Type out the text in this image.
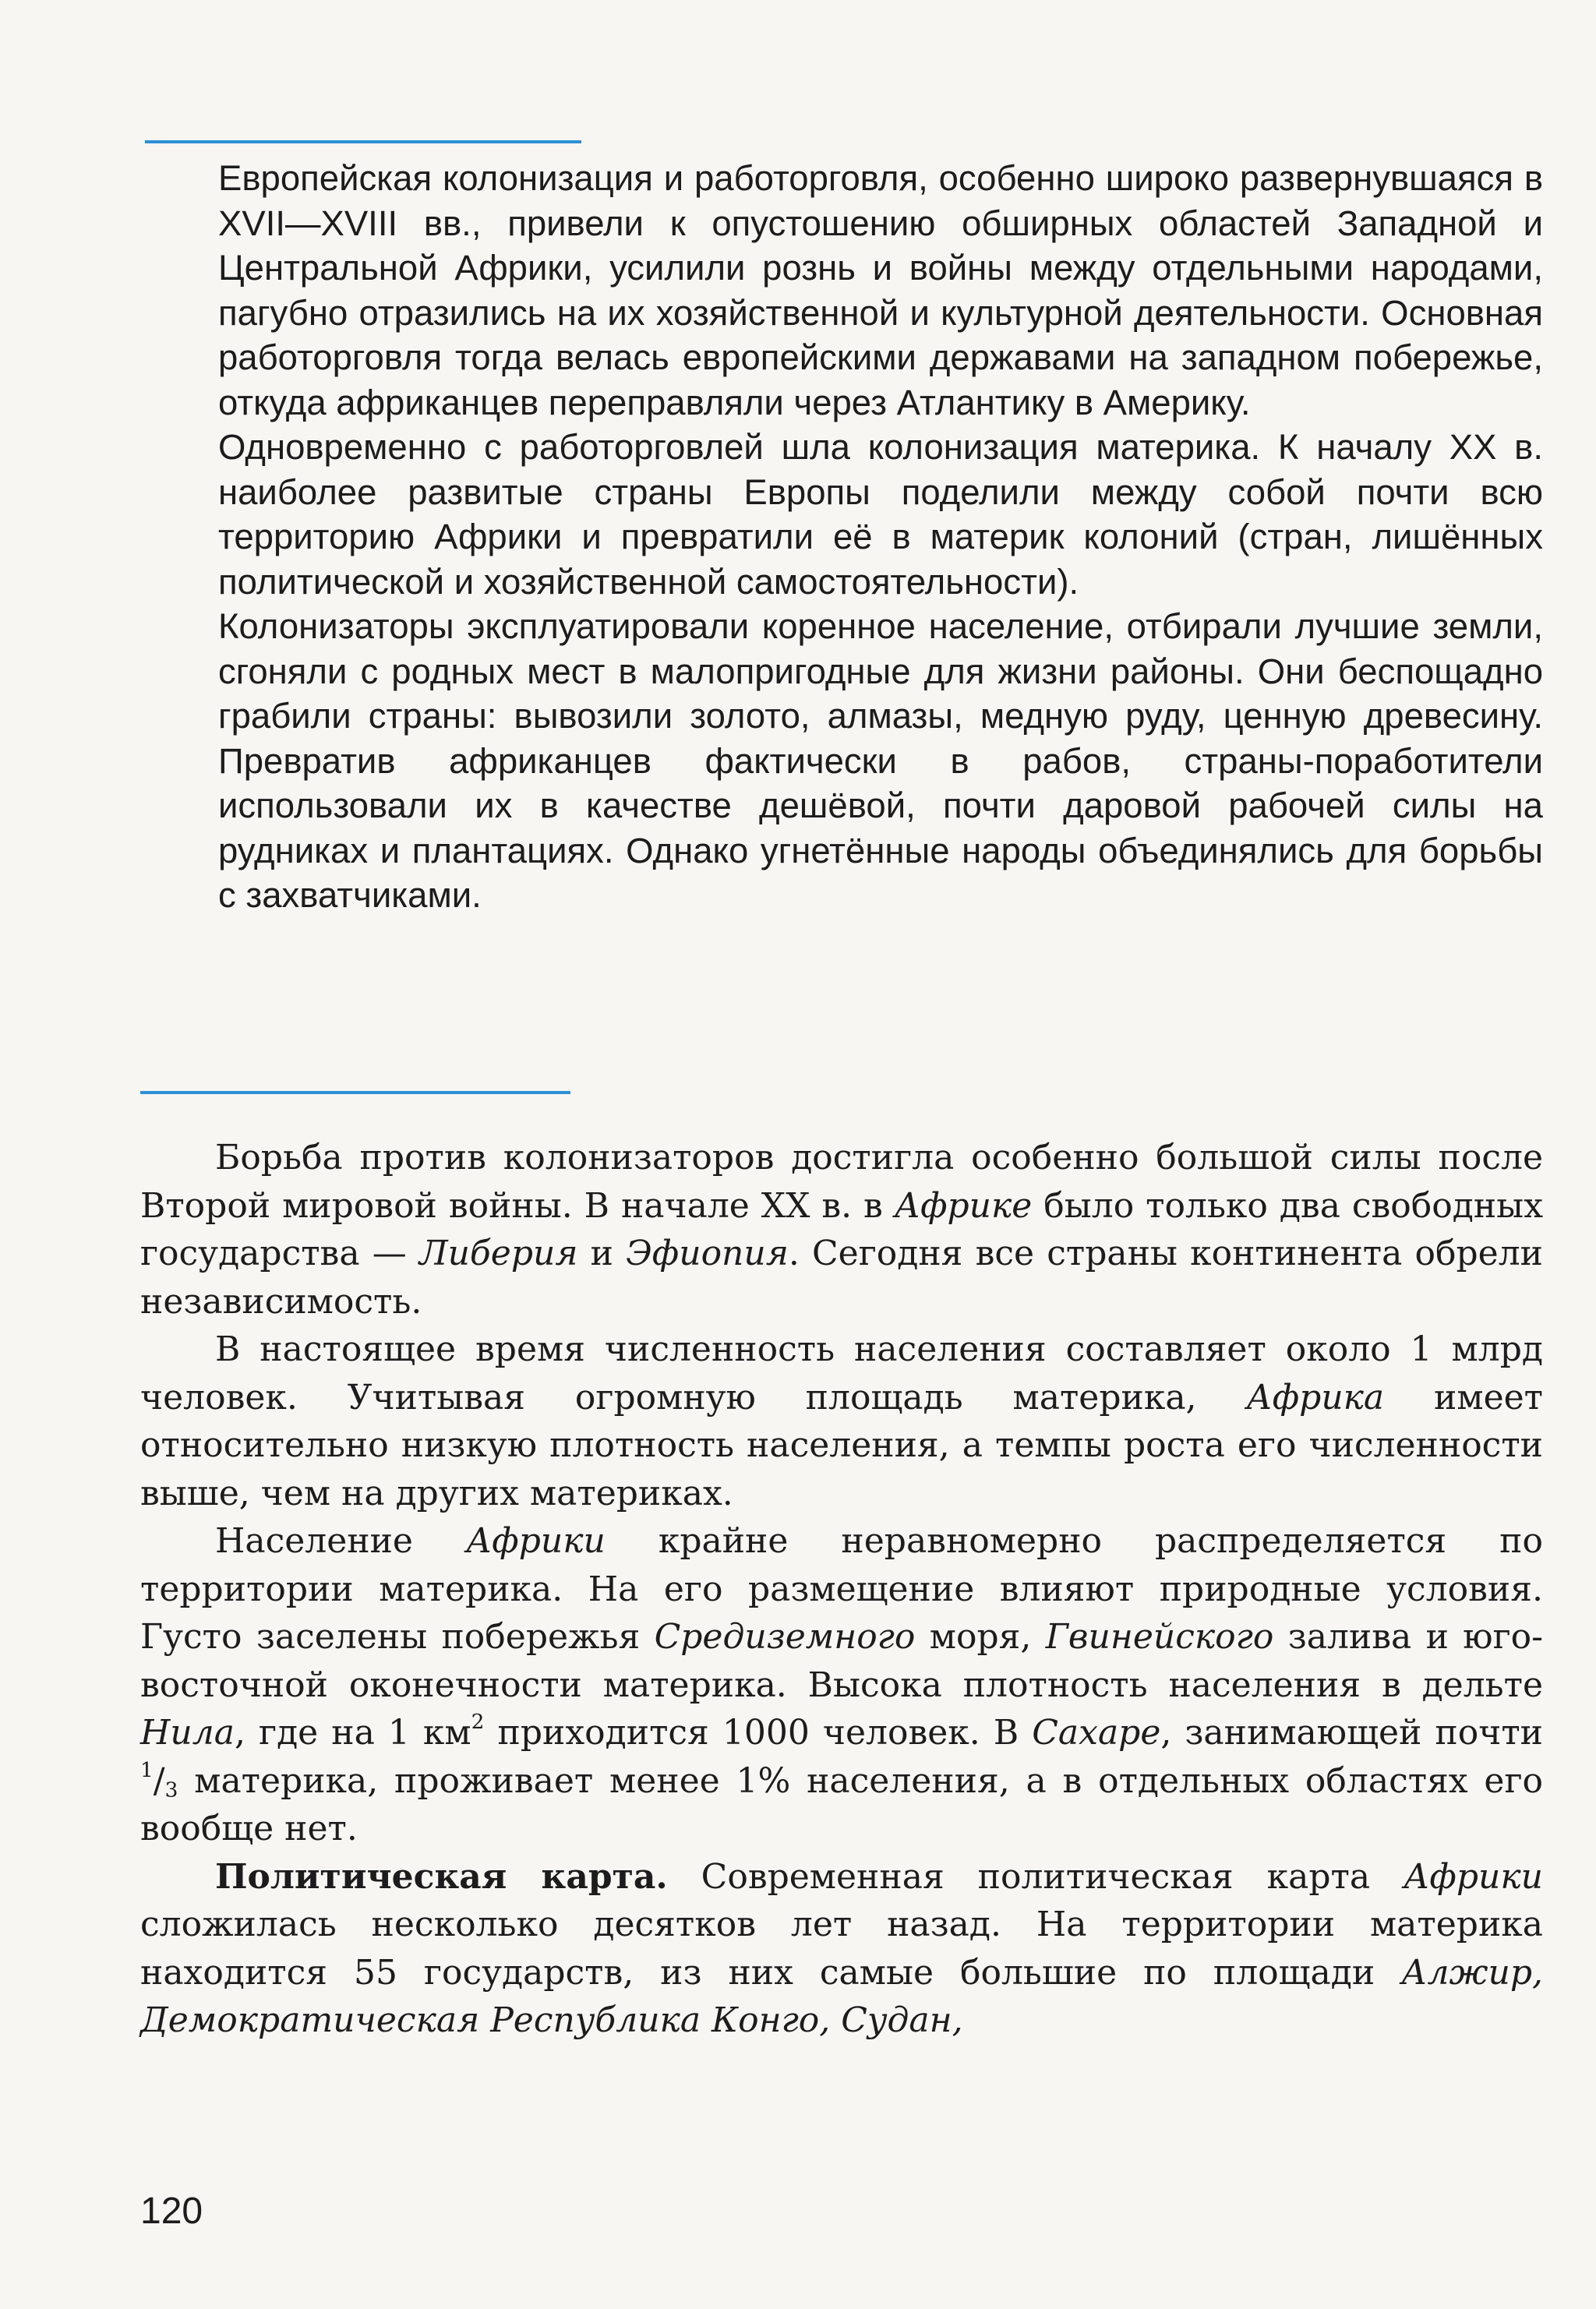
Европейская колонизация и работорговля, особенно широко развернувшаяся в XVII—XVIII вв., привели к опустошению обширных областей Западной и Центральной Африки, усилили рознь и войны между отдельными народами, пагубно отразились на их хозяйственной и культурной деятельности. Основная работорговля тогда велась европейскими державами на западном побережье, откуда африканцев переправляли через Атлантику в Америку.

Одновременно с работорговлей шла колонизация материка. К началу XX в. наиболее развитые страны Европы поделили между собой почти всю территорию Африки и превратили её в материк колоний (стран, лишённых политической и хозяйственной самостоятельности).

Колонизаторы эксплуатировали коренное население, отбирали лучшие земли, сгоняли с родных мест в малопригодные для жизни районы. Они беспощадно грабили страны: вывозили золото, алмазы, медную руду, ценную древесину. Превратив африканцев фактически в рабов, страны-поработители использовали их в качестве дешёвой, почти даровой рабочей силы на рудниках и плантациях. Однако угнетённые народы объединялись для борьбы с захватчиками.

Борьба против колонизаторов достигла особенно большой силы после Второй мировой войны. В начале XX в. в Африке было только два свободных государства — Либерия и Эфиопия. Сегодня все страны континента обрели независимость.

В настоящее время численность населения составляет около 1 млрд человек. Учитывая огромную площадь материка, Африка имеет относительно низкую плотность населения, а темпы роста его численности выше, чем на других материках.

Население Африки крайне неравномерно распределяется по территории материка. На его размещение влияют природные условия. Густо заселены побережья Средиземного моря, Гвинейского залива и юго-восточной оконечности материка. Высока плотность населения в дельте Нила, где на 1 $км^2$ приходится 1000 человек. В Сахаре, занимающей почти $^1/_3$ материка, проживает менее 1% населения, а в отдельных областях его вообще нет.

Политическая карта. Современная политическая карта Африки сложилась несколько десятков лет назад. На территории материка находится 55 государств, из них самые большие по площади Алжир, Демократическая Республика Конго, Судан,

120
